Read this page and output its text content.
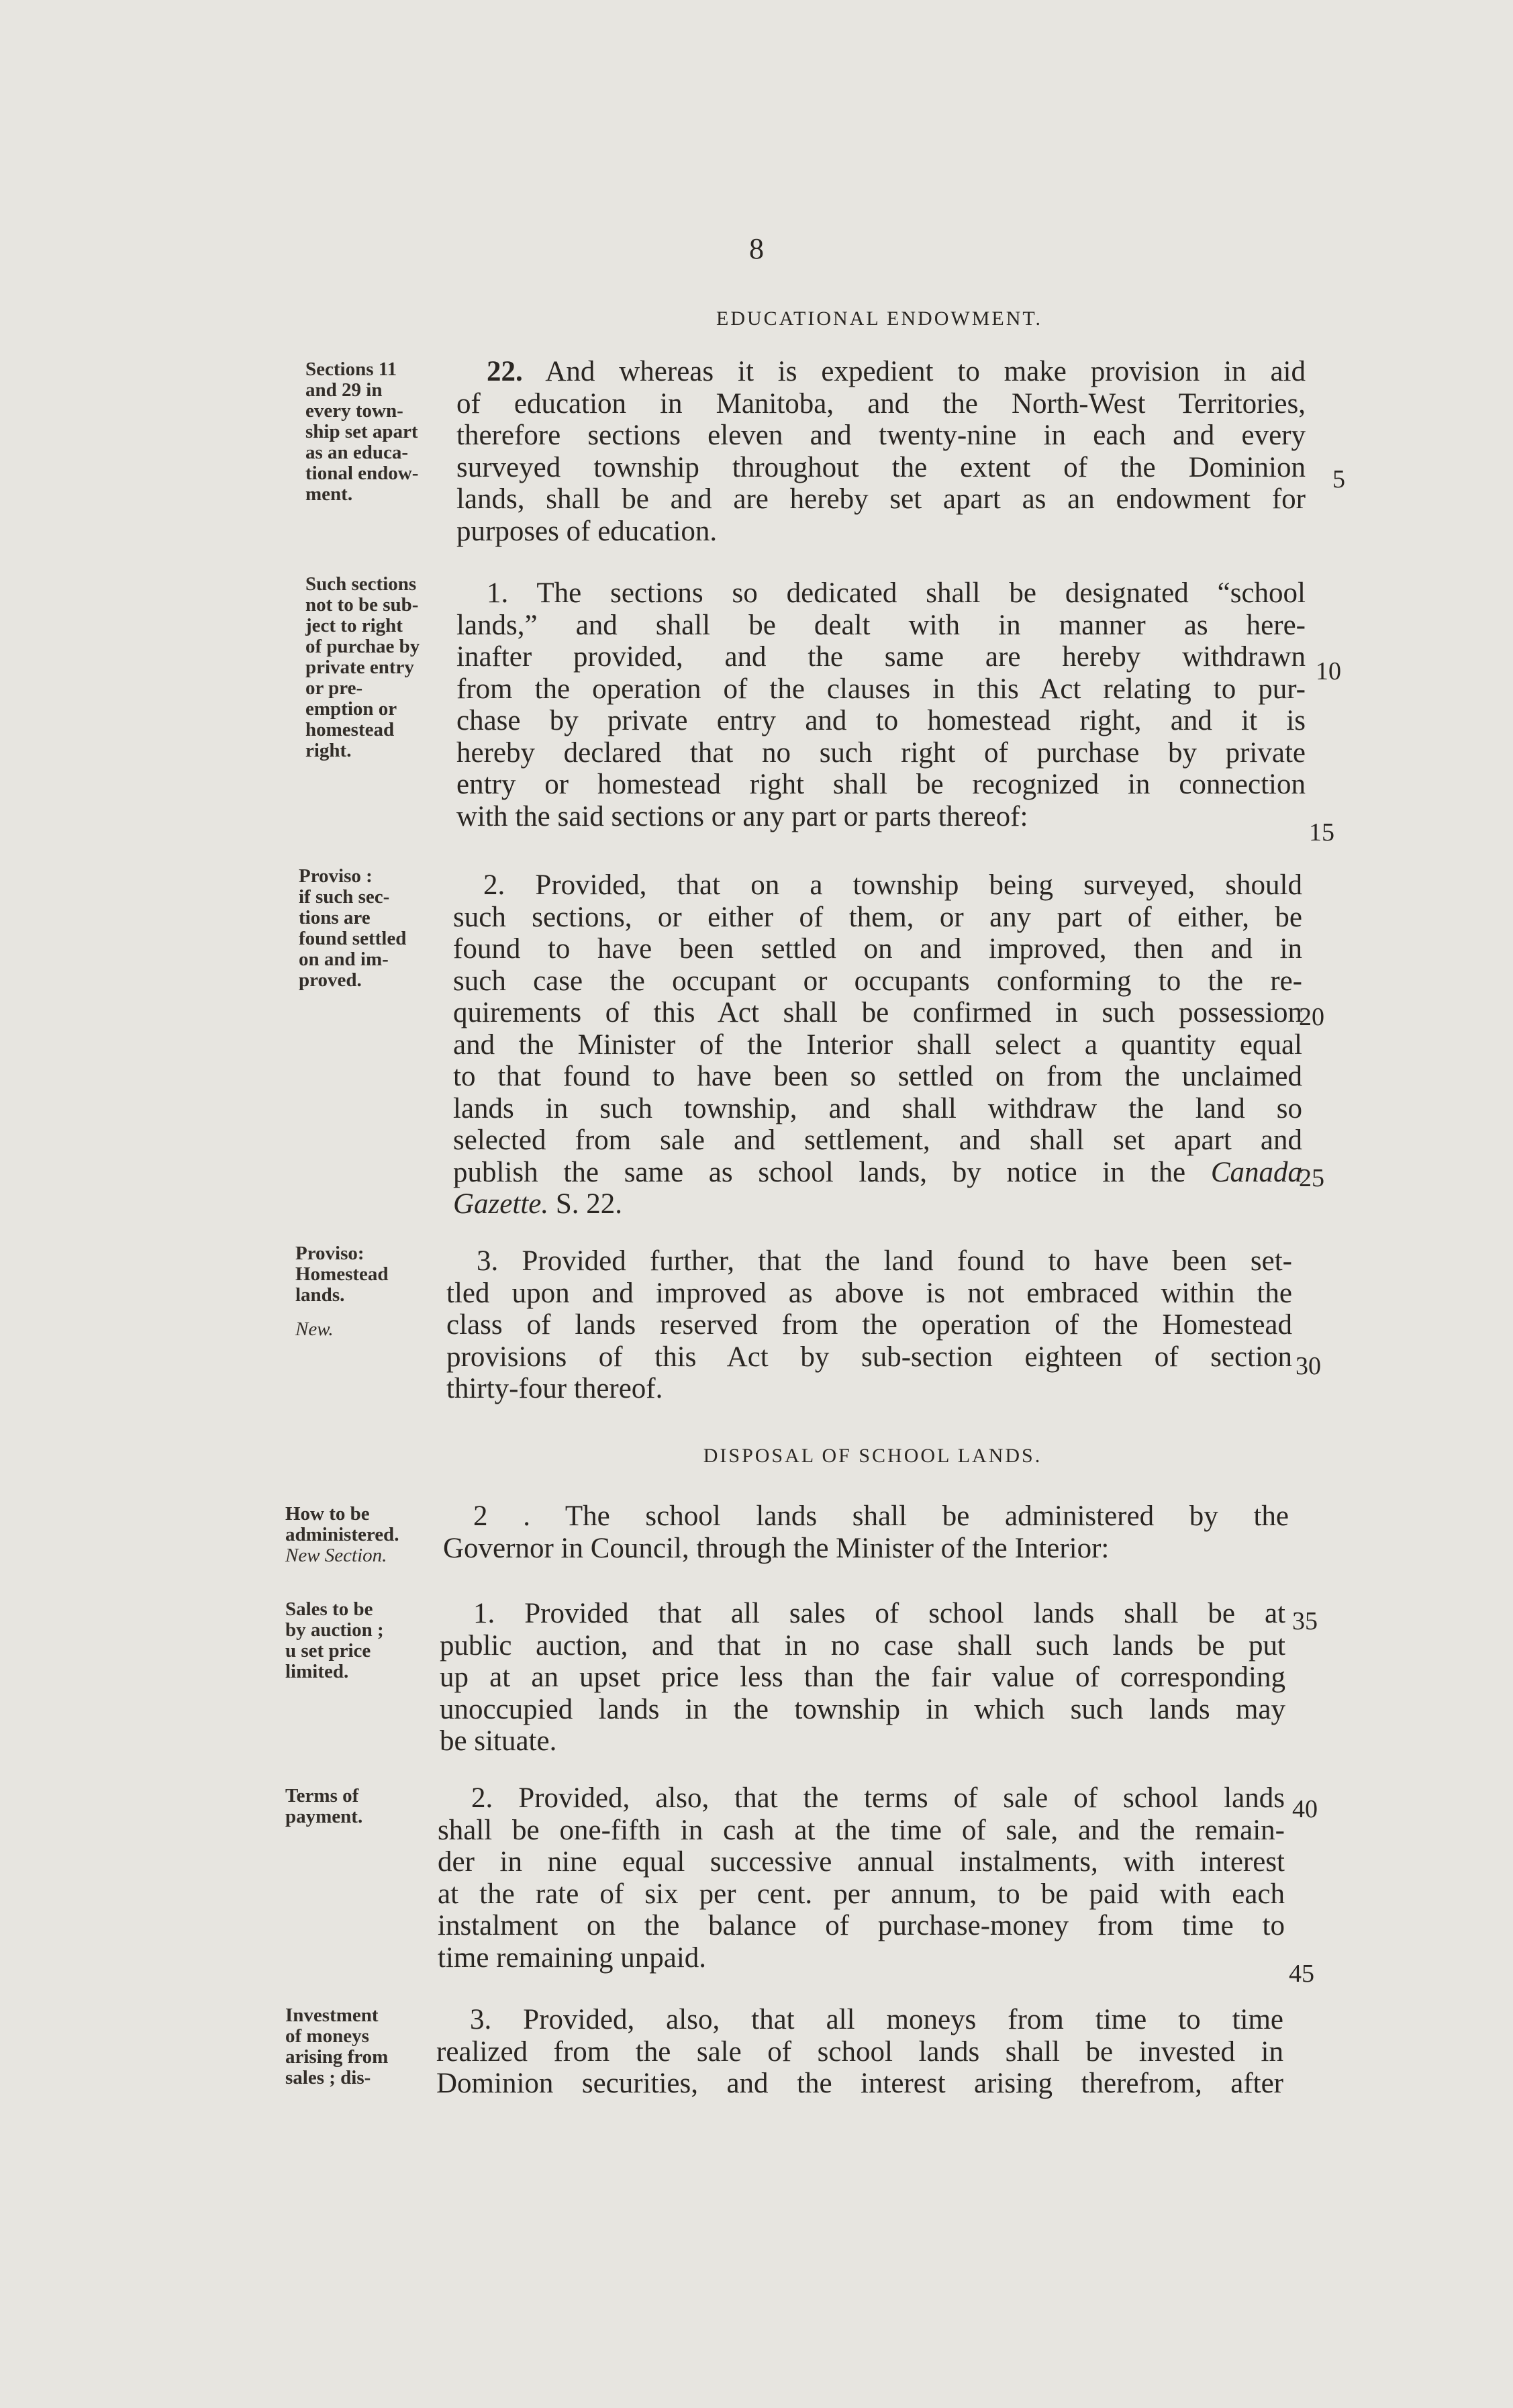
8
EDUCATIONAL ENDOWMENT.
Sections 11
and 29 in
every town-
ship set apart
as an educa-
tional endow-
ment.
Such sections
not to be sub-
ject to right
of purchae by
private entry
or pre-
emption or
homestead
right.
Proviso :
if such sec-
tions are
found settled
on and im-
proved.
Proviso:
Homestead
lands.
New.
How to be
administered.
New Section.
Sales to be
by auction ;
u set price
limited.
Terms of
payment.
Investment
of moneys
arising from
sales ; dis-
22. And whereas it is expedient to make provision in aid
of education in Manitoba, and the North-West Territories,
therefore sections eleven and twenty-nine in each and every
surveyed township throughout the extent of the Dominion
lands, shall be and are hereby set apart as an endowment for
purposes of education.
1. The sections so dedicated shall be designated “school
lands,” and shall be dealt with in manner as here-
inafter provided, and the same are hereby withdrawn
from the operation of the clauses in this Act relating to pur-
chase by private entry and to homestead right, and it is
hereby declared that no such right of purchase by private
entry or homestead right shall be recognized in connection
with the said sections or any part or parts thereof:
2. Provided, that on a township being surveyed, should
such sections, or either of them, or any part of either, be
found to have been settled on and improved, then and in
such case the occupant or occupants conforming to the re-
quirements of this Act shall be confirmed in such possession
and the Minister of the Interior shall select a quantity equal
to that found to have been so settled on from the unclaimed
lands in such township, and shall withdraw the land so
selected from sale and settlement, and shall set apart and
publish the same as school lands, by notice in the Canada
Gazette. S. 22.
3. Provided further, that the land found to have been set-
tled upon and improved as above is not embraced within the
class of lands reserved from the operation of the Homestead
provisions of this Act by sub-section eighteen of section
thirty-four thereof.
DISPOSAL OF SCHOOL LANDS.
2 . The school lands shall be administered by the
Governor in Council, through the Minister of the Interior:
1. Provided that all sales of school lands shall be at
public auction, and that in no case shall such lands be put
up at an upset price less than the fair value of corresponding
unoccupied lands in the township in which such lands may
be situate.
2. Provided, also, that the terms of sale of school lands
shall be one-fifth in cash at the time of sale, and the remain-
der in nine equal successive annual instalments, with interest
at the rate of six per cent. per annum, to be paid with each
instalment on the balance of purchase-money from time to
time remaining unpaid.
3. Provided, also, that all moneys from time to time
realized from the sale of school lands shall be invested in
Dominion securities, and the interest arising therefrom, after
5
10
15
20
25
30
35
40
45
